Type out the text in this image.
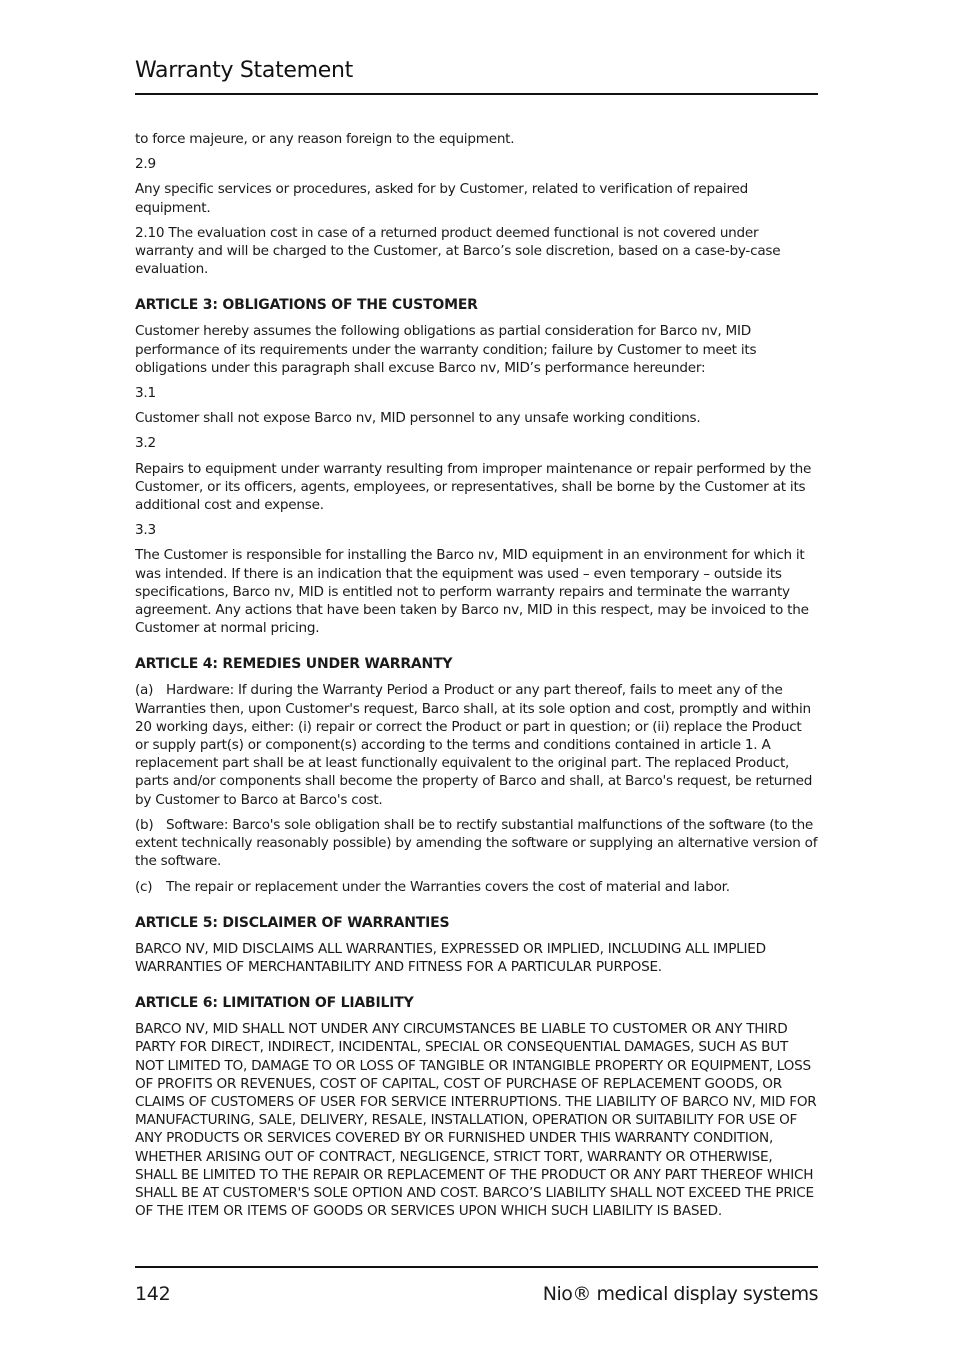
Warranty Statement

to force majeure, or any reason foreign to the equipment.

2.9

Any specific services or procedures, asked for by Customer, related to verification of repaired equipment.

2.10 The evaluation cost in case of a returned product deemed functional is not covered under warranty and will be charged to the Customer, at Barco’s sole discretion, based on a case-by-case evaluation.

ARTICLE 3: OBLIGATIONS OF THE CUSTOMER

Customer hereby assumes the following obligations as partial consideration for Barco nv, MID performance of its requirements under the warranty condition; failure by Customer to meet its obligations under this paragraph shall excuse Barco nv, MID’s performance hereunder:

3.1

Customer shall not expose Barco nv, MID personnel to any unsafe working conditions.

3.2

Repairs to equipment under warranty resulting from improper maintenance or repair performed by the Customer, or its officers, agents, employees, or representatives, shall be borne by the Customer at its additional cost and expense.

3.3

The Customer is responsible for installing the Barco nv, MID equipment in an environment for which it was intended. If there is an indication that the equipment was used – even temporary – outside its specifications, Barco nv, MID is entitled not to perform warranty repairs and terminate the warranty agreement. Any actions that have been taken by Barco nv, MID in this respect, may be invoiced to the Customer at normal pricing.

ARTICLE 4: REMEDIES UNDER WARRANTY

(a) Hardware: If during the Warranty Period a Product or any part thereof, fails to meet any of the Warranties then, upon Customer's request, Barco shall, at its sole option and cost, promptly and within 20 working days, either: (i) repair or correct the Product or part in question; or (ii) replace the Product or supply part(s) or component(s) according to the terms and conditions contained in article 1. A replacement part shall be at least functionally equivalent to the original part. The replaced Product, parts and/or components shall become the property of Barco and shall, at Barco's request, be returned by Customer to Barco at Barco's cost.

(b) Software: Barco's sole obligation shall be to rectify substantial malfunctions of the software (to the extent technically reasonably possible) by amending the software or supplying an alternative version of the software.

(c) The repair or replacement under the Warranties covers the cost of material and labor.

ARTICLE 5: DISCLAIMER OF WARRANTIES

BARCO NV, MID DISCLAIMS ALL WARRANTIES, EXPRESSED OR IMPLIED, INCLUDING ALL IMPLIED WARRANTIES OF MERCHANTABILITY AND FITNESS FOR A PARTICULAR PURPOSE.

ARTICLE 6: LIMITATION OF LIABILITY

BARCO NV, MID SHALL NOT UNDER ANY CIRCUMSTANCES BE LIABLE TO CUSTOMER OR ANY THIRD PARTY FOR DIRECT, INDIRECT, INCIDENTAL, SPECIAL OR CONSEQUENTIAL DAMAGES, SUCH AS BUT NOT LIMITED TO, DAMAGE TO OR LOSS OF TANGIBLE OR INTANGIBLE PROPERTY OR EQUIPMENT, LOSS OF PROFITS OR REVENUES, COST OF CAPITAL, COST OF PURCHASE OF REPLACEMENT GOODS, OR CLAIMS OF CUSTOMERS OF USER FOR SERVICE INTERRUPTIONS. THE LIABILITY OF BARCO NV, MID FOR MANUFACTURING, SALE, DELIVERY, RESALE, INSTALLATION, OPERATION OR SUITABILITY FOR USE OF ANY PRODUCTS OR SERVICES COVERED BY OR FURNISHED UNDER THIS WARRANTY CONDITION, WHETHER ARISING OUT OF CONTRACT, NEGLIGENCE, STRICT TORT, WARRANTY OR OTHERWISE, SHALL BE LIMITED TO THE REPAIR OR REPLACEMENT OF THE PRODUCT OR ANY PART THEREOF WHICH SHALL BE AT CUSTOMER'S SOLE OPTION AND COST. BARCO’S LIABILITY SHALL NOT EXCEED THE PRICE OF THE ITEM OR ITEMS OF GOODS OR SERVICES UPON WHICH SUCH LIABILITY IS BASED.

142	Nio® medical display systems
